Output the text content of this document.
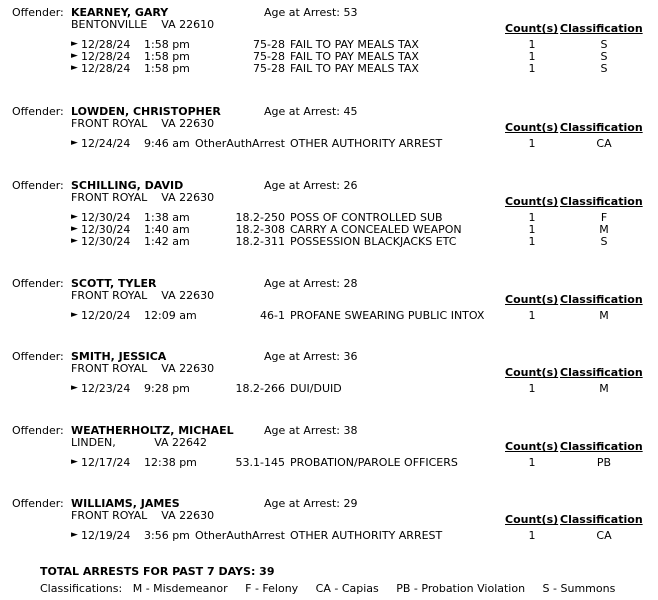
Offender: KEARNEY, GARY	Age at Arrest: 53
BENTONVILLE    VA 22610	Count(s) Classification
► 12/28/24 1:58 pm	75-28 FAIL TO PAY MEALS TAX	1	S
► 12/28/24 1:58 pm	75-28 FAIL TO PAY MEALS TAX	1	S
► 12/28/24 1:58 pm	75-28 FAIL TO PAY MEALS TAX	1	S
Offender: LOWDEN, CHRISTOPHER	Age at Arrest: 45
FRONT ROYAL    VA 22630	Count(s) Classification
► 12/24/24 9:46 am OtherAuthArrest OTHER AUTHORITY ARREST	1	CA
Offender: SCHILLING, DAVID	Age at Arrest: 26
FRONT ROYAL    VA 22630	Count(s) Classification
► 12/30/24 1:38 am	18.2-250 POSS OF CONTROLLED SUB	1	F
► 12/30/24 1:40 am	18.2-308 CARRY A CONCEALED WEAPON	1	M
► 12/30/24 1:42 am	18.2-311 POSSESSION BLACKJACKS ETC	1	S
Offender: SCOTT, TYLER	Age at Arrest: 28
FRONT ROYAL    VA 22630	Count(s) Classification
► 12/20/24 12:09 am	46-1 PROFANE SWEARING PUBLIC INTOX	1	M
Offender: SMITH, JESSICA	Age at Arrest: 36
FRONT ROYAL    VA 22630	Count(s) Classification
► 12/23/24 9:28 pm	18.2-266 DUI/DUID	1	M
Offender: WEATHERHOLTZ, MICHAEL	Age at Arrest: 38
LINDEN,           VA 22642	Count(s) Classification
► 12/17/24 12:38 pm	53.1-145 PROBATION/PAROLE OFFICERS	1	PB
Offender: WILLIAMS, JAMES	Age at Arrest: 29
FRONT ROYAL    VA 22630	Count(s) Classification
► 12/19/24 3:56 pm OtherAuthArrest OTHER AUTHORITY ARREST	1	CA
TOTAL ARRESTS FOR PAST 7 DAYS: 39
Classifications:   M - Misdemeanor     F - Felony     CA - Capias     PB - Probation Violation     S - Summons
